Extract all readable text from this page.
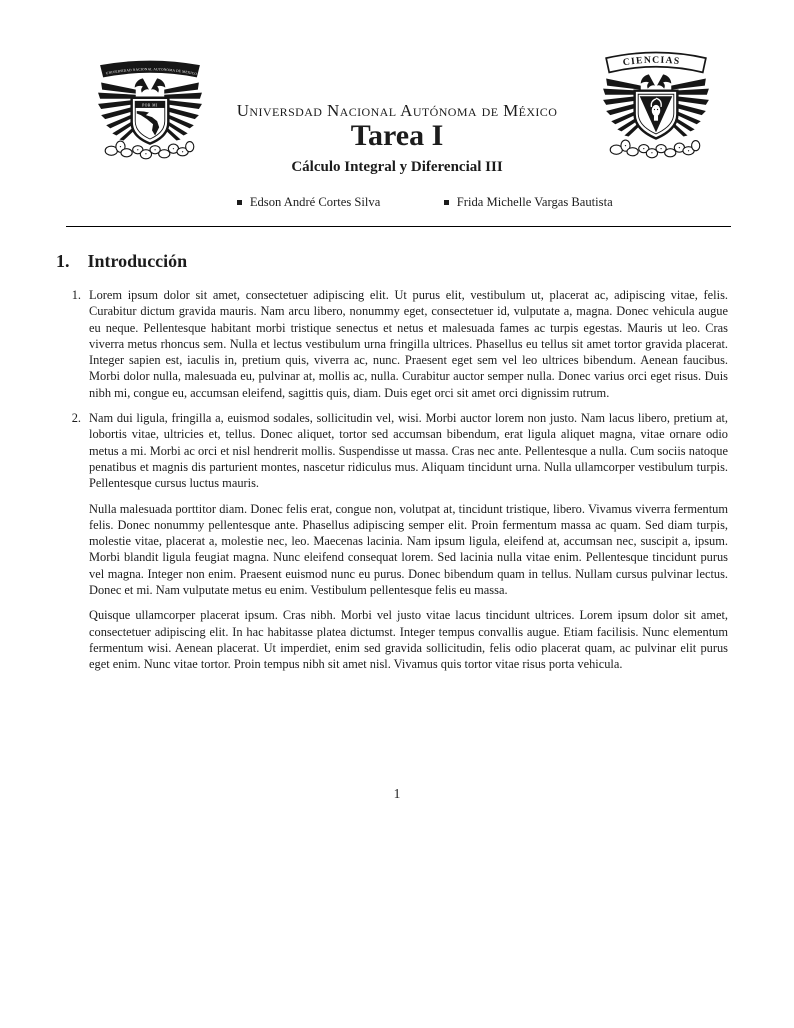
UNIVERSIDAD NACIONAL AUTONOMA DE MEXICO
POR MI
CIENCIAS
Universdad Nacional Autónoma de México
Tarea I
Cálculo Integral y Diferencial III
Edson André Cortes Silva	Frida Michelle Vargas Bautista
1. Introducción
1. Lorem ipsum dolor sit amet, consectetuer adipiscing elit. Ut purus elit, vestibulum ut, placerat ac, adipiscing vitae, felis. Curabitur dictum gravida mauris. Nam arcu libero, nonummy eget, consectetuer id, vulputate a, magna. Donec vehicula augue eu neque. Pellentesque habitant morbi tristique senectus et netus et malesuada fames ac turpis egestas. Mauris ut leo. Cras viverra metus rhoncus sem. Nulla et lectus vestibulum urna fringilla ultrices. Phasellus eu tellus sit amet tortor gravida placerat. Integer sapien est, iaculis in, pretium quis, viverra ac, nunc. Praesent eget sem vel leo ultrices bibendum. Aenean faucibus. Morbi dolor nulla, malesuada eu, pulvinar at, mollis ac, nulla. Curabitur auctor semper nulla. Donec varius orci eget risus. Duis nibh mi, congue eu, accumsan eleifend, sagittis quis, diam. Duis eget orci sit amet orci dignissim rutrum.

2. Nam dui ligula, fringilla a, euismod sodales, sollicitudin vel, wisi. Morbi auctor lorem non justo. Nam lacus libero, pretium at, lobortis vitae, ultricies et, tellus. Donec aliquet, tortor sed accumsan bibendum, erat ligula aliquet magna, vitae ornare odio metus a mi. Morbi ac orci et nisl hendrerit mollis. Suspendisse ut massa. Cras nec ante. Pellentesque a nulla. Cum sociis natoque penatibus et magnis dis parturient montes, nascetur ridiculus mus. Aliquam tincidunt urna. Nulla ullamcorper vestibulum turpis. Pellentesque cursus luctus mauris.

Nulla malesuada porttitor diam. Donec felis erat, congue non, volutpat at, tincidunt tristique, libero. Vivamus viverra fermentum felis. Donec nonummy pellentesque ante. Phasellus adipiscing semper elit. Proin fermentum massa ac quam. Sed diam turpis, molestie vitae, placerat a, molestie nec, leo. Maecenas lacinia. Nam ipsum ligula, eleifend at, accumsan nec, suscipit a, ipsum. Morbi blandit ligula feugiat magna. Nunc eleifend consequat lorem. Sed lacinia nulla vitae enim. Pellentesque tincidunt purus vel magna. Integer non enim. Praesent euismod nunc eu purus. Donec bibendum quam in tellus. Nullam cursus pulvinar lectus. Donec et mi. Nam vulputate metus eu enim. Vestibulum pellentesque felis eu massa.

Quisque ullamcorper placerat ipsum. Cras nibh. Morbi vel justo vitae lacus tincidunt ultrices. Lorem ipsum dolor sit amet, consectetuer adipiscing elit. In hac habitasse platea dictumst. Integer tempus convallis augue. Etiam facilisis. Nunc elementum fermentum wisi. Aenean placerat. Ut imperdiet, enim sed gravida sollicitudin, felis odio placerat quam, ac pulvinar elit purus eget enim. Nunc vitae tortor. Proin tempus nibh sit amet nisl. Vivamus quis tortor vitae risus porta vehicula.

1
